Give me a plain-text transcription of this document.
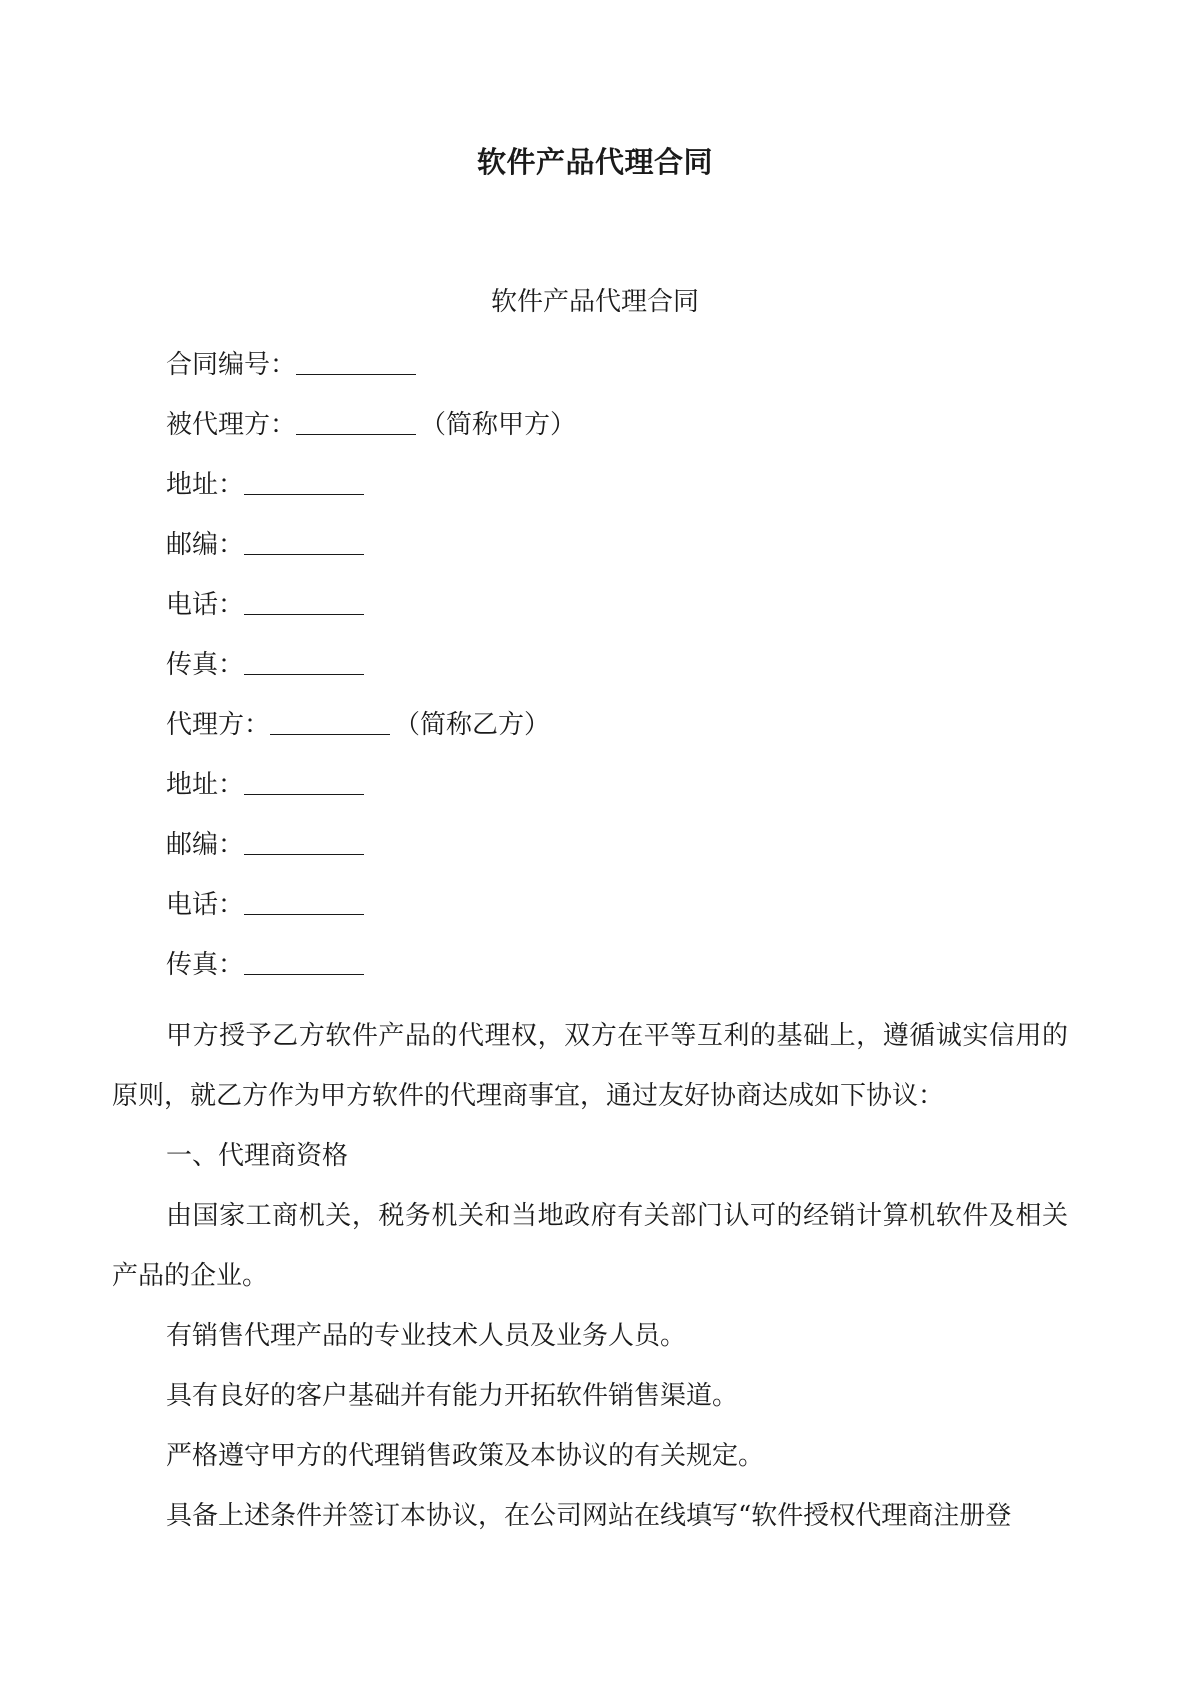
软件产品代理合同
软件产品代理合同
合同编号：
被代理方：	（简称甲方）
地址：
邮编：
电话：
传真：
代理方：	（简称乙方）
地址：
邮编：
电话：
传真：

甲方授予乙方软件产品的代理权，双方在平等互利的基础上，遵循诚实信用的原则，就乙方作为甲方软件的代理商事宜，通过友好协商达成如下协议：

一、代理商资格

由国家工商机关，税务机关和当地政府有关部门认可的经销计算机软件及相关产品的企业。

有销售代理产品的专业技术人员及业务人员。

具有良好的客户基础并有能力开拓软件销售渠道。

严格遵守甲方的代理销售政策及本协议的有关规定。

具备上述条件并签订本协议，在公司网站在线填写“软件授权代理商注册登
